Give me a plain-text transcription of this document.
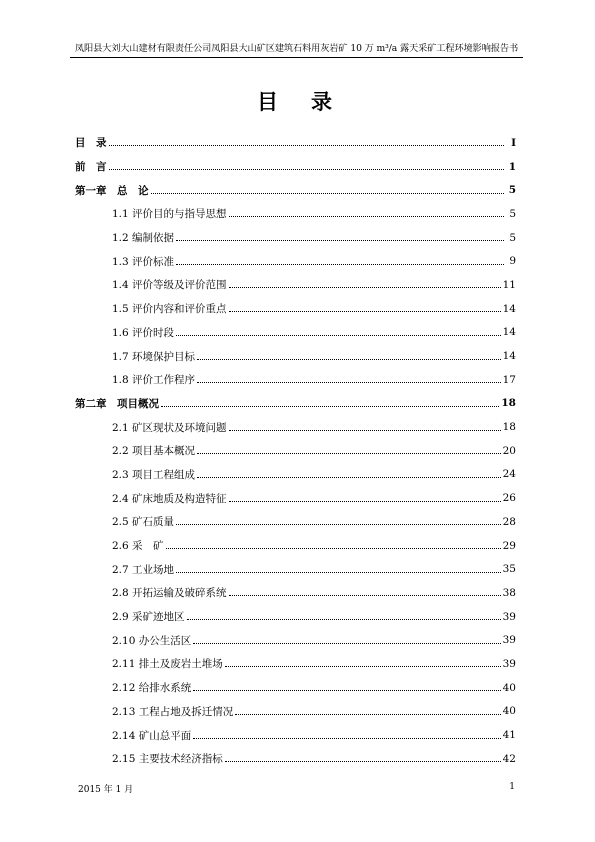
凤阳县大刘大山建材有限责任公司凤阳县大山矿区建筑石料用灰岩矿 10 万 m³/a 露天采矿工程环境影响报告书
目　录
目　录	I
前　言	1
第一章　总　论	5
1.1 评价目的与指导思想	5
1.2 编制依据	5
1.3 评价标准	9
1.4 评价等级及评价范围	11
1.5 评价内容和评价重点	14
1.6 评价时段	14
1.7 环境保护目标	14
1.8 评价工作程序	17
第二章　项目概况	18
2.1 矿区现状及环境问题	18
2.2 项目基本概况	20
2.3 项目工程组成	24
2.4 矿床地质及构造特征	26
2.5 矿石质量	28
2.6 采　矿	29
2.7 工业场地	35
2.8 开拓运输及破碎系统	38
2.9 采矿迹地区	39
2.10 办公生活区	39
2.11 排土及废岩土堆场	39
2.12 给排水系统	40
2.13 工程占地及拆迁情况	40
2.14 矿山总平面	41
2.15 主要技术经济指标	42
2015 年 1 月	1
